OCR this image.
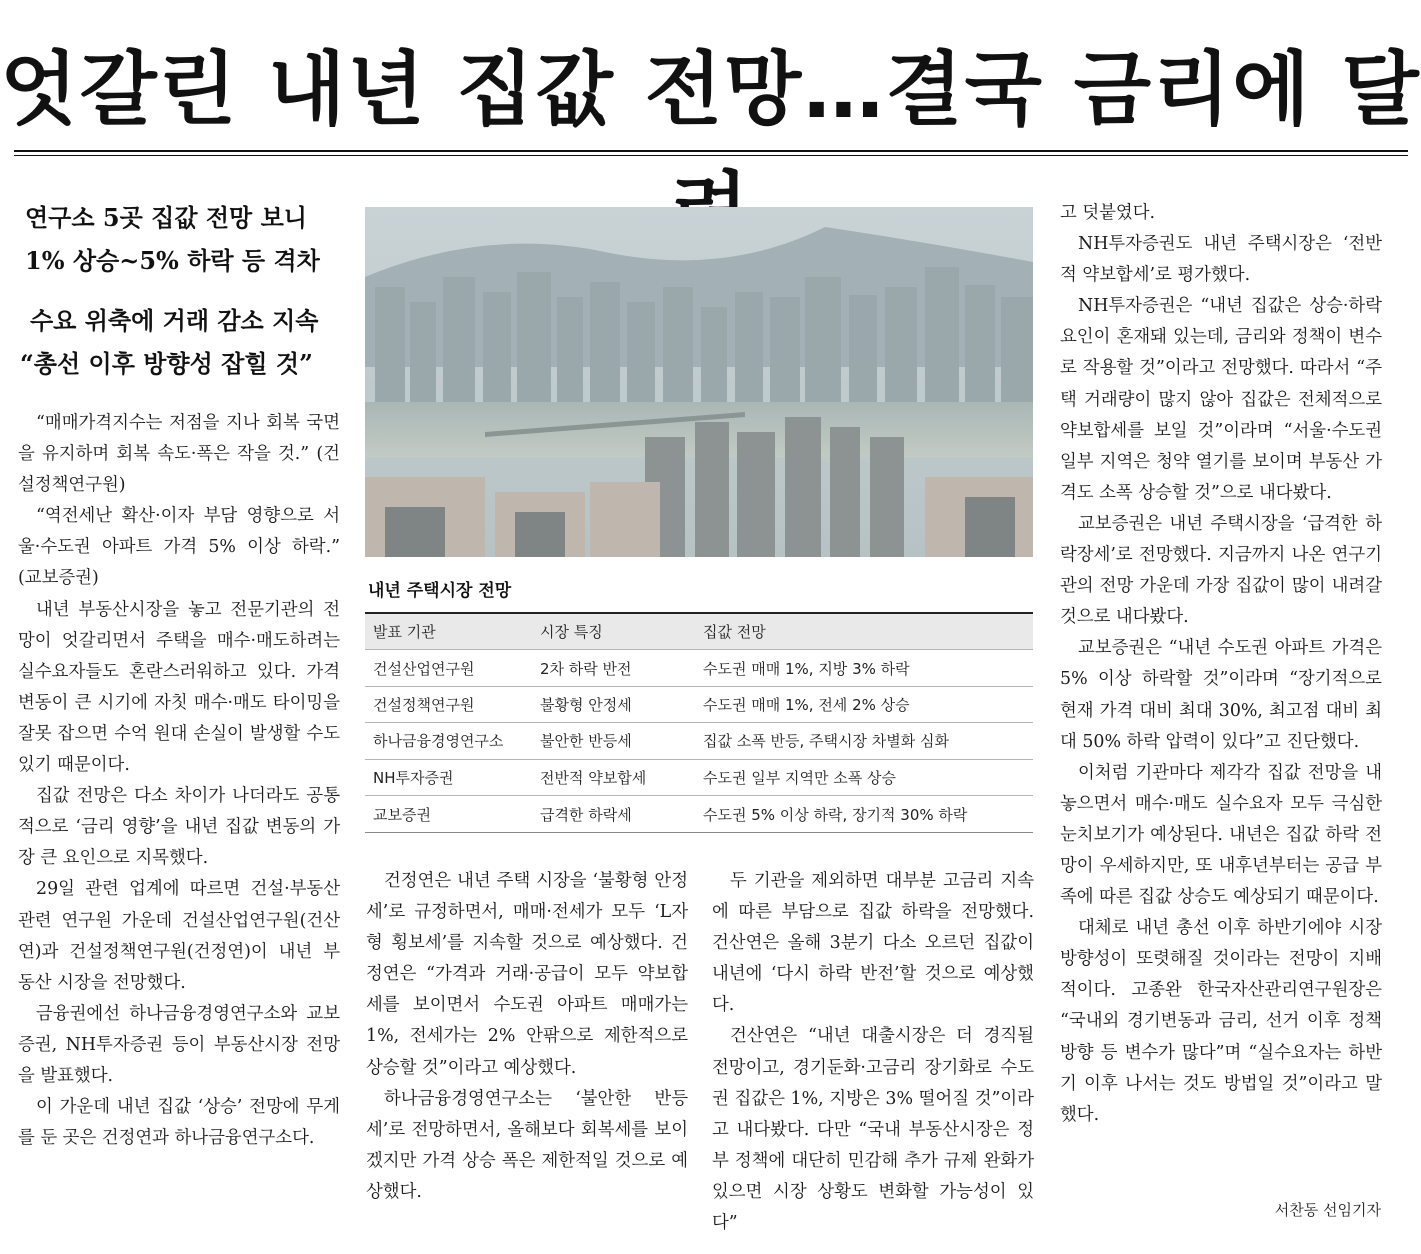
엇갈린 내년 집값 전망…결국 금리에 달
연구소 5곳 집값 전망 보니
1% 상승~5% 하락 등 격차
수요 위축에 거래 감소 지속
“총선 이후 방향성 잡힐 것”

“매매가격지수는 저점을 지나 회복 국면을 유지하며 회복 속도·폭은 작을 것.” (건설정책연구원)

“역전세난 확산·이자 부담 영향으로 서울·수도권 아파트 가격 5% 이상 하락.” (교보증권)

내년 부동산시장을 놓고 전문기관의 전망이 엇갈리면서 주택을 매수·매도하려는 실수요자들도 혼란스러워하고 있다. 가격 변동이 큰 시기에 자칫 매수·매도 타이밍을 잘못 잡으면 수억 원대 손실이 발생할 수도 있기 때문이다.

집값 전망은 다소 차이가 나더라도 공통적으로 ‘금리 영향’을 내년 집값 변동의 가장 큰 요인으로 지목했다.

29일 관련 업계에 따르면 건설·부동산 관련 연구원 가운데 건설산업연구원(건산연)과 건설정책연구원(건정연)이 내년 부동산 시장을 전망했다.

금융권에선 하나금융경영연구소와 교보증권, NH투자증권 등이 부동산시장 전망을 발표했다.

이 가운데 내년 집값 ‘상승’ 전망에 무게를 둔 곳은 건정연과 하나금융연구소다.

내년 주택시장 전망
발표 기관	시장 특징	집값 전망
건설산업연구원	2차 하락 반전	수도권 매매 1%, 지방 3% 하락
건설정책연구원	불황형 안정세	수도권 매매 1%, 전세 2% 상승
하나금융경영연구소	불안한 반등세	집값 소폭 반등, 주택시장 차별화 심화
NH투자증권	전반적 약보합세	수도권 일부 지역만 소폭 상승
교보증권	급격한 하락세	수도권 5% 이상 하락, 장기적 30% 하락

건정연은 내년 주택 시장을 ‘불황형 안정세’로 규정하면서, 매매·전세가 모두 ‘L자형 횡보세’를 지속할 것으로 예상했다. 건정연은 “가격과 거래·공급이 모두 약보합세를 보이면서 수도권 아파트 매매가는 1%, 전세가는 2% 안팎으로 제한적으로 상승할 것”이라고 예상했다.

하나금융경영연구소는 ‘불안한 반등세’로 전망하면서, 올해보다 회복세를 보이겠지만 가격 상승 폭은 제한적일 것으로 예상했다.

두 기관을 제외하면 대부분 고금리 지속에 따른 부담으로 집값 하락을 전망했다. 건산연은 올해 3분기 다소 오르던 집값이 내년에 ‘다시 하락 반전’할 것으로 예상했다.

건산연은 “내년 대출시장은 더 경직될 전망이고, 경기둔화·고금리 장기화로 수도권 집값은 1%, 지방은 3% 떨어질 것”이라고 내다봤다. 다만 “국내 부동산시장은 정부 정책에 대단히 민감해 추가 규제 완화가 있으면 시장 상황도 변화할 가능성이 있다”

고 덧붙였다.

NH투자증권도 내년 주택시장은 ‘전반적 약보합세’로 평가했다.

NH투자증권은 “내년 집값은 상승·하락 요인이 혼재돼 있는데, 금리와 정책이 변수로 작용할 것”이라고 전망했다. 따라서 “주택 거래량이 많지 않아 집값은 전체적으로 약보합세를 보일 것”이라며 “서울·수도권 일부 지역은 청약 열기를 보이며 부동산 가격도 소폭 상승할 것”으로 내다봤다.

교보증권은 내년 주택시장을 ‘급격한 하락장세’로 전망했다. 지금까지 나온 연구기관의 전망 가운데 가장 집값이 많이 내려갈 것으로 내다봤다.

교보증권은 “내년 수도권 아파트 가격은 5% 이상 하락할 것”이라며 “장기적으로 현재 가격 대비 최대 30%, 최고점 대비 최대 50% 하락 압력이 있다”고 진단했다.

이처럼 기관마다 제각각 집값 전망을 내놓으면서 매수·매도 실수요자 모두 극심한 눈치보기가 예상된다. 내년은 집값 하락 전망이 우세하지만, 또 내후년부터는 공급 부족에 따른 집값 상승도 예상되기 때문이다.

대체로 내년 총선 이후 하반기에야 시장 방향성이 또렷해질 것이라는 전망이 지배적이다. 고종완 한국자산관리연구원장은 “국내외 경기변동과 금리, 선거 이후 정책 방향 등 변수가 많다”며 “실수요자는 하반기 이후 나서는 것도 방법일 것”이라고 말했다.

서찬동 선임기자
